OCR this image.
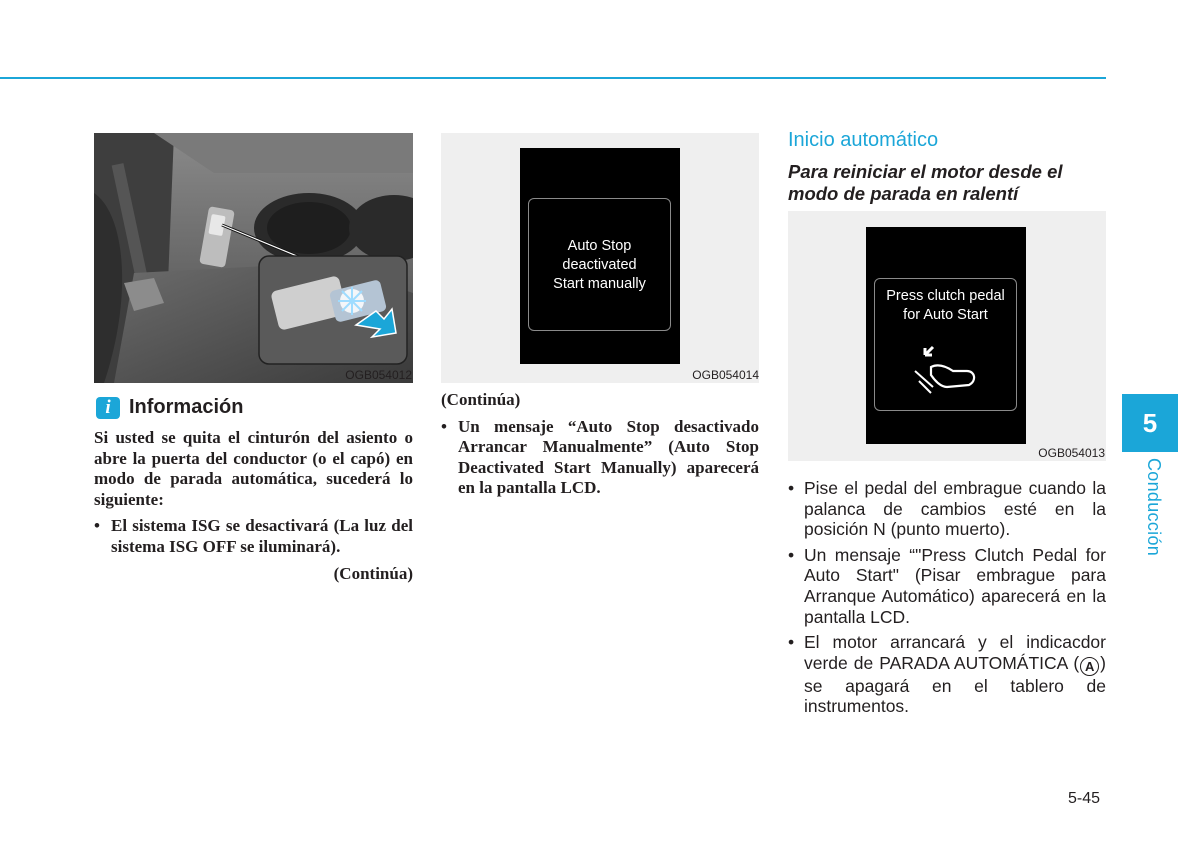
OGB054012
i Información
Si usted se quita el cinturón del asiento o abre la puerta del conductor (o el capó) en modo de parada automática, sucederá lo siguiente:
• El sistema ISG se desactivará (La luz del sistema ISG OFF se iluminará).
(Continúa)
Auto Stop
deactivated
Start manually
OGB054014
(Continúa)
• Un mensaje “Auto Stop desactivado Arrancar Manualmente” (Auto Stop Deactivated Start Manually) aparecerá en la pantalla LCD.
Inicio automático
Para reiniciar el motor desde el modo de parada en ralentí
Press clutch pedal
for Auto Start
OGB054013
• Pise el pedal del embrague cuando la palanca de cambios esté en la posición N (punto muerto).
• Un mensaje “"Press Clutch Pedal for Auto Start" (Pisar embrague para Arranque Automático) aparecerá en la pantalla LCD.
• El motor arrancará y el indicacdor verde de PARADA AUTOMÁTICA ( A ) se apagará en el tablero de instrumentos.
5
Conducción
5-45
